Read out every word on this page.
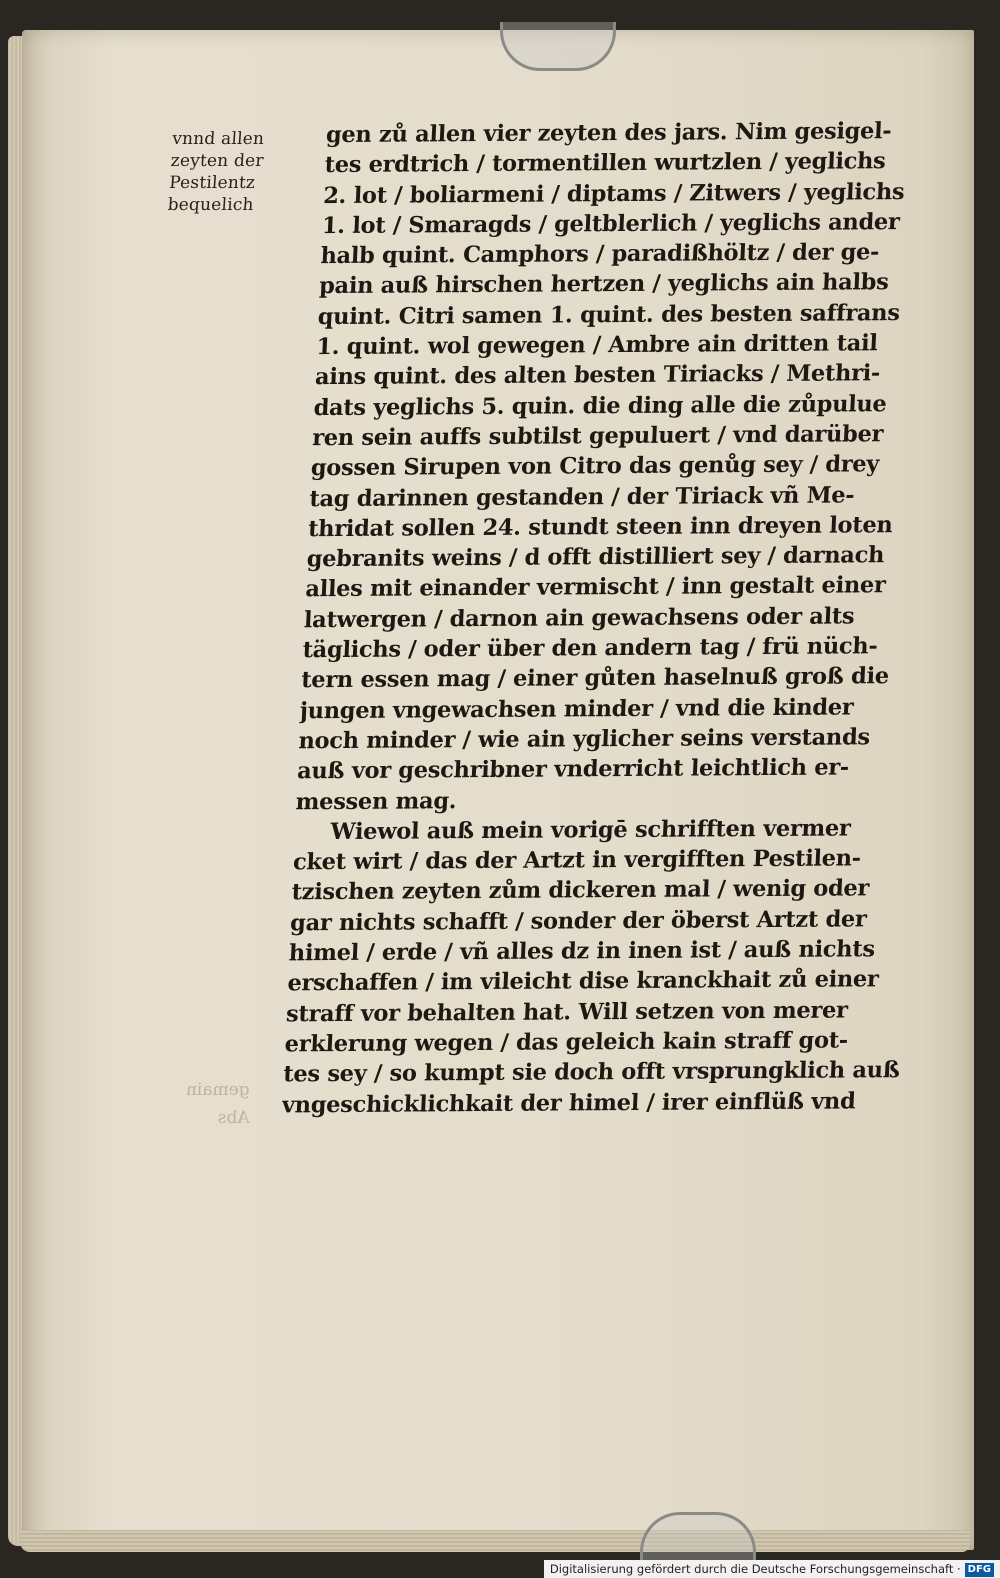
vnnd allen
zeyten der
Pestilentz
bequelich
gemain
Abs
gen zů allen vier zeyten des jars. Nim gesigel-
tes erdtrich / tormentillen wurtzlen / yeglichs
2. lot / boliarmeni / diptams / Zitwers / yeglichs
1. lot / Smaragds / geltblerlich / yeglichs ander
halb quint. Camphors / paradißhöltz / der ge-
pain auß hirschen hertzen / yeglichs ain halbs
quint. Citri samen 1. quint. des besten saffrans
1. quint. wol gewegen / Ambre ain dritten tail
ains quint. des alten besten Tiriacks / Methri-
dats yeglichs 5. quin. die ding alle die zůpulue
ren sein auffs subtilst gepuluert / vnd darüber
gossen Sirupen von Citro das genůg sey / drey
tag darinnen gestanden / der Tiriack vñ Me-
thridat sollen 24. stundt steen inn dreyen loten
gebranits weins / d offt distilliert sey / darnach
alles mit einander vermischt / inn gestalt einer
latwergen / darnon ain gewachsens oder alts
täglichs / oder über den andern tag / frü nüch-
tern essen mag / einer gůten haselnuß groß die
jungen vngewachsen minder / vnd die kinder
noch minder / wie ain yglicher seins verstands
auß vor geschribner vnderricht leichtlich er-
messen mag.
Wiewol auß mein vorigē schrifften vermer
cket wirt / das der Artzt in vergifften Pestilen-
tzischen zeyten zům dickeren mal / wenig oder
gar nichts schafft / sonder der öberst Artzt der
himel / erde / vñ alles dz in inen ist / auß nichts
erschaffen / im vileicht dise kranckhait zů einer
straff vor behalten hat. Will setzen von merer
erklerung wegen / das geleich kain straff got-
tes sey / so kumpt sie doch offt vrsprungklich auß
vngeschicklichkait der himel / irer einflüß vnd
Digitalisierung gefördert durch die Deutsche Forschungsgemeinschaft · DFG
